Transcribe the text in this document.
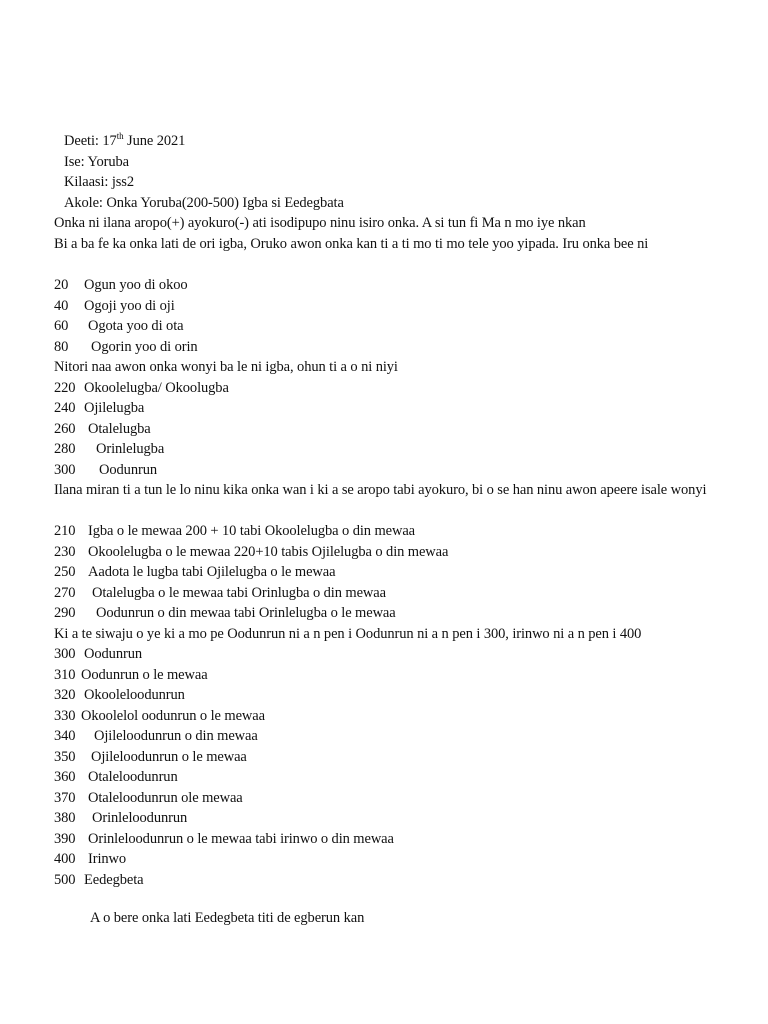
Deeti: 17th June 2021
Ise: Yoruba
Kilaasi: jss2
Akole: Onka Yoruba(200-500) Igba si Eedegbata
Onka ni ilana aropo(+) ayokuro(-) ati isodipupo ninu isiro onka. A si tun fi Ma n mo iye nkan
Bi a ba fe ka onka lati de ori igba, Oruko awon onka kan ti a ti mo ti mo tele yoo yipada. Iru onka bee ni
20 Ogun yoo di okoo
40 Ogoji yoo di oji
60 Ogota yoo di ota
80 Ogorin yoo di orin
Nitori naa awon onka wonyi ba le ni igba, ohun ti a o ni niyi
220 Okoolelugba/ Okoolugba
240 Ojilelugba
260 Otalelugba
280 Orinlelugba
300 Oodunrun
Ilana miran ti a tun le lo ninu kika onka wan i ki a se aropo tabi ayokuro, bi o se han ninu awon apeere isale wonyi
210 Igba o le mewaa 200 + 10 tabi Okoolelugba o din mewaa
230 Okoolelugba o le mewaa 220+10 tabis Ojilelugba o din mewaa
250 Aadota le lugba tabi Ojilelugba o le mewaa
270 Otalelugba o le mewaa tabi Orinlugba o din mewaa
290 Oodunrun o din mewaa tabi Orinlelugba o le mewaa
Ki a te siwaju o ye ki a mo pe Oodunrun ni a n pen i Oodunrun ni a n pen i 300, irinwo ni a n pen i 400
300 Oodunrun
310 Oodunrun o le mewaa
320 Okooleloodunrun
330 Okoolelol oodunrun o le mewaa
340 Ojileloodunrun o din mewaa
350 Ojileloodunrun o le mewaa
360 Otaleloodunrun
370 Otaleloodunrun ole mewaa
380 Orinleloodunrun
390 Orinleloodunrun o le mewaa tabi irinwo o din mewaa
400 Irinwo
500 Eedegbeta
A o bere onka lati Eedegbeta titi de egberun kan
